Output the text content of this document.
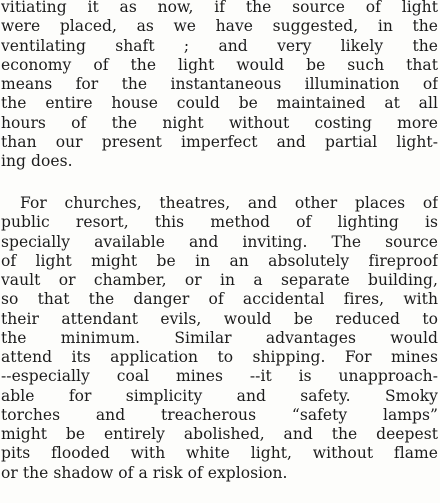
vitiating it as now, if the source of light
were placed, as we have suggested, in the
ventilating shaft ; and very likely the
economy of the light would be such that
means for the instantaneous illumination of
the entire house could be maintained at all
hours of the night without costing more
than our present imperfect and partial light-
ing does.
For churches, theatres, and other places of
public resort, this method of lighting is
specially available and inviting. The source
of light might be in an absolutely fireproof
vault or chamber, or in a separate building,
so that the danger of accidental fires, with
their attendant evils, would be reduced to
the minimum. Similar advantages would
attend its application to shipping. For mines
--especially coal mines --it is unapproach-
able for simplicity and safety. Smoky
torches and treacherous “safety lamps”
might be entirely abolished, and the deepest
pits flooded with white light, without flame
or the shadow of a risk of explosion.
